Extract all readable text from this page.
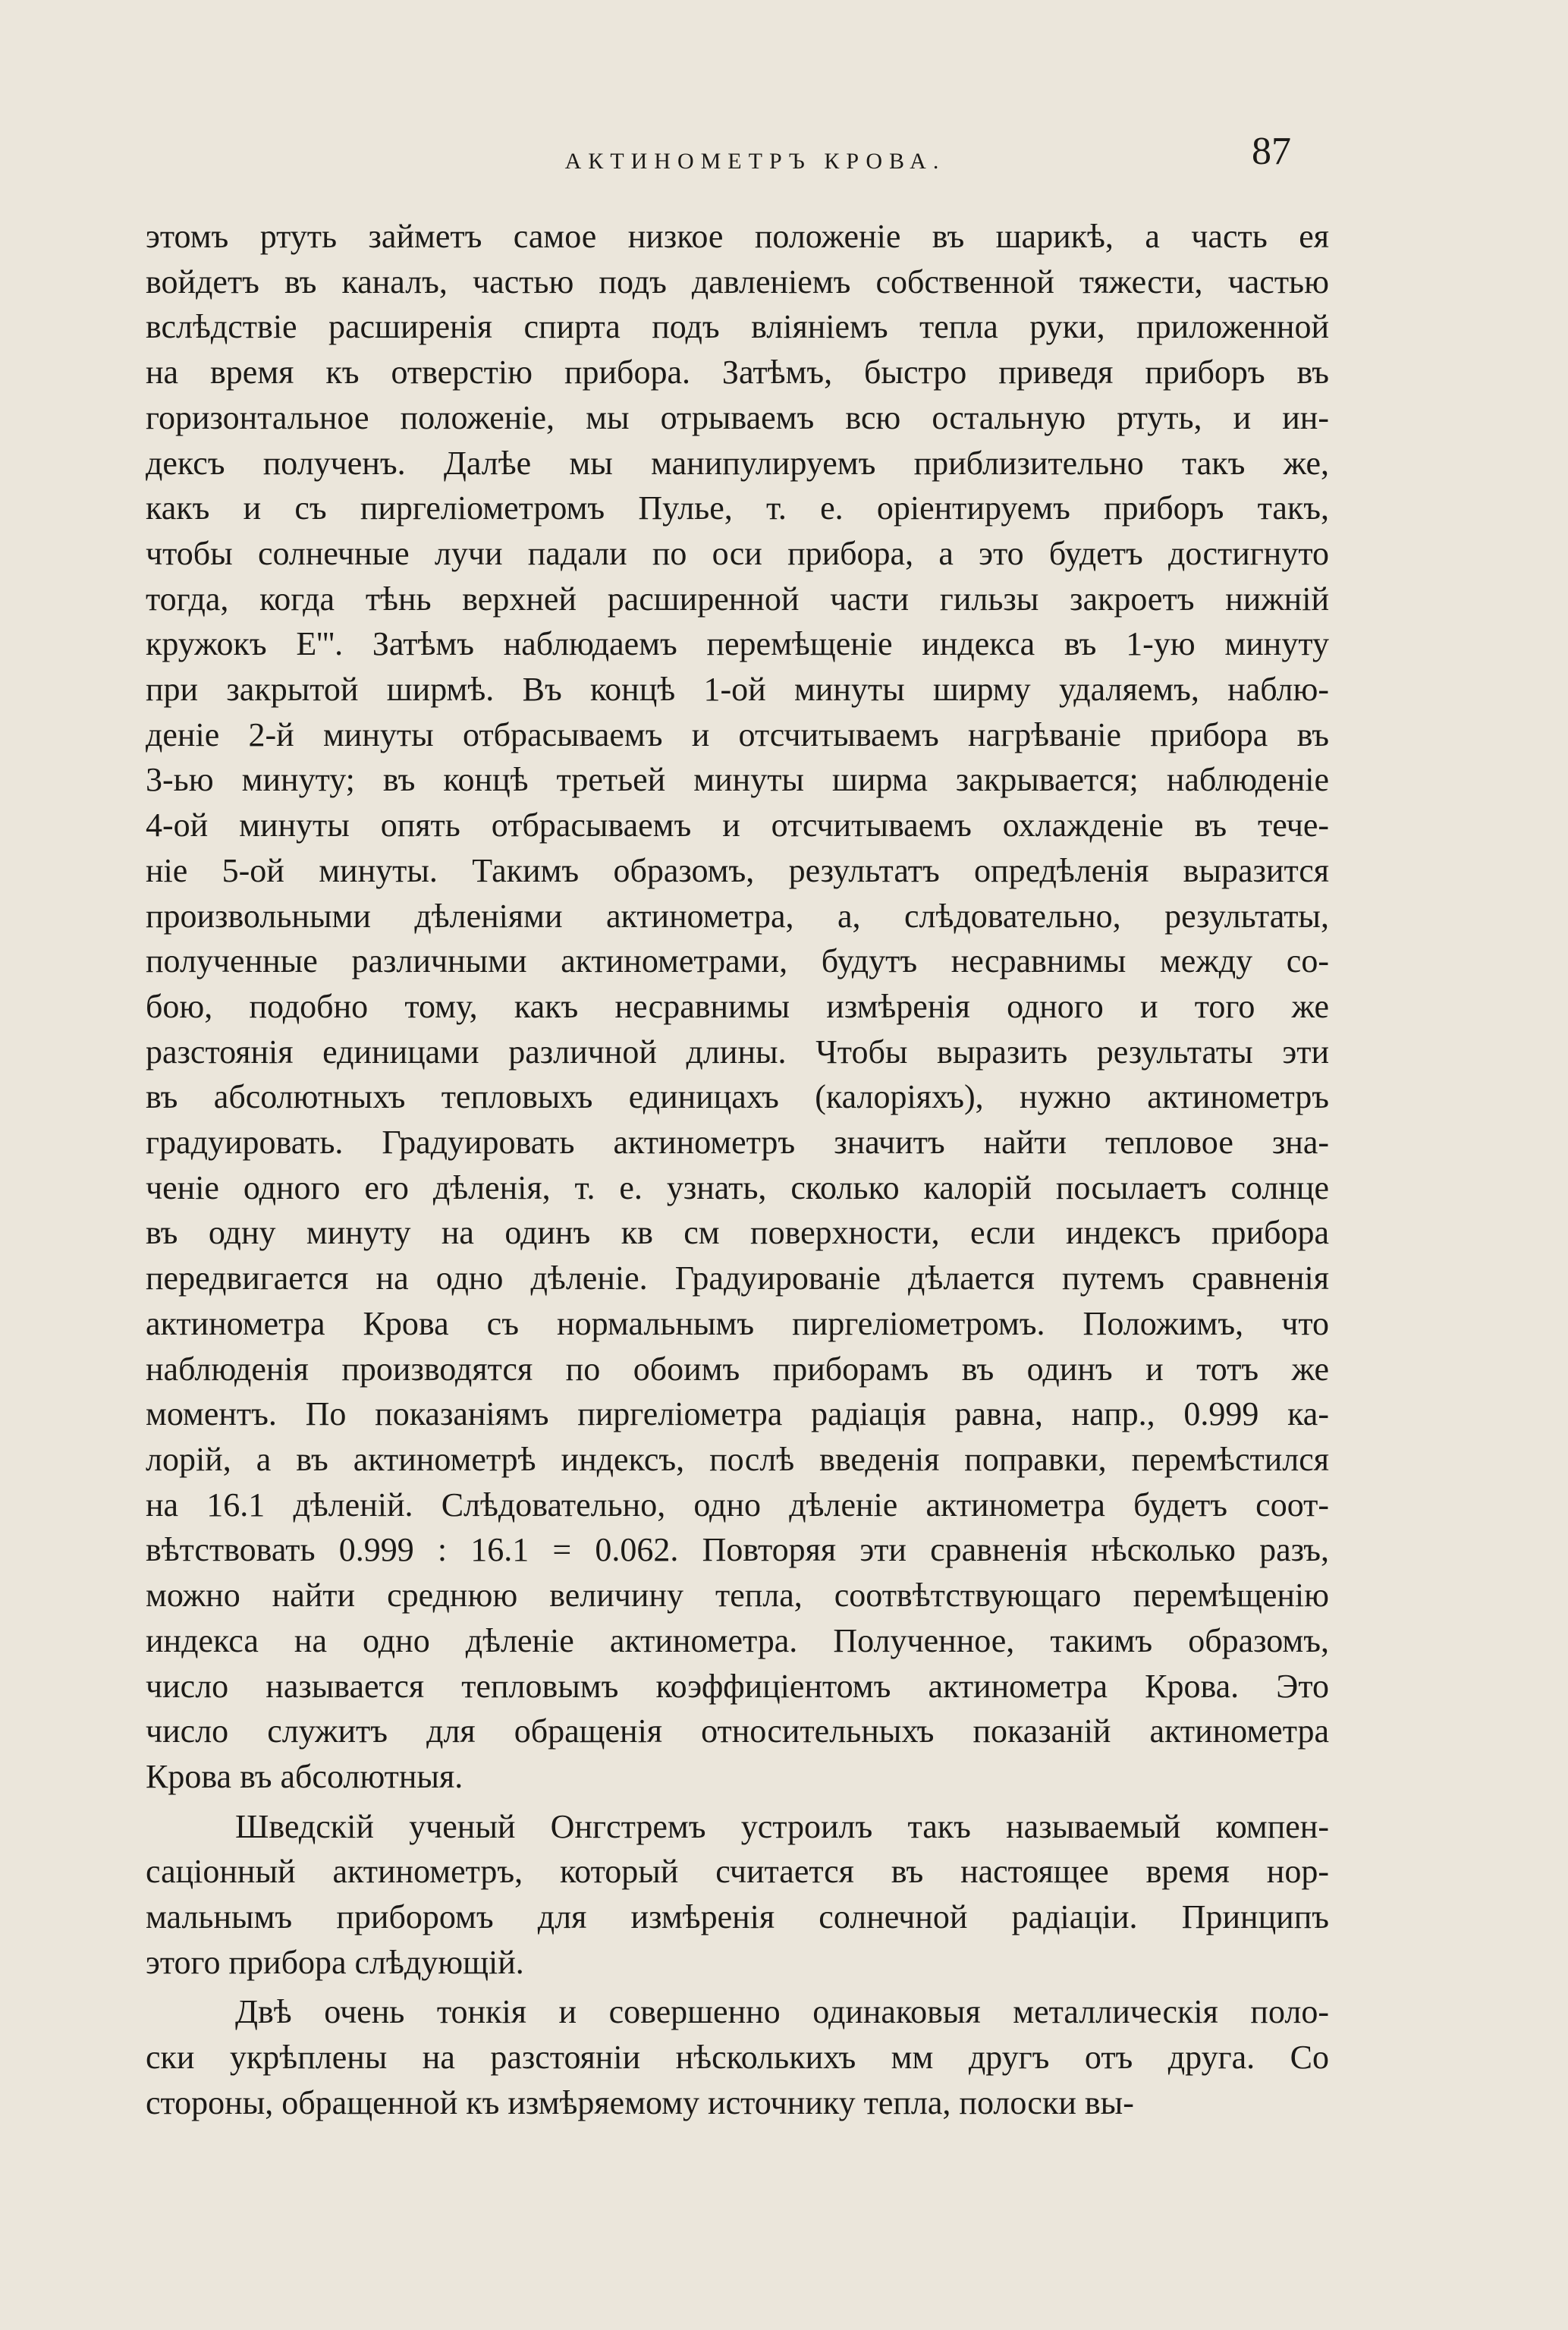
АКТИНОМЕТРЪ КРОВА.	87

этомъ ртуть займетъ самое низкое положеніе въ шарикѣ, а часть ея
войдетъ въ каналъ, частью подъ давленіемъ собственной тяжести, частью
вслѣдствіе расширенія спирта подъ вліяніемъ тепла руки, приложенной
на время къ отверстію прибора. Затѣмъ, быстро приведя приборъ въ
горизонтальное положеніе, мы отрываемъ всю остальную ртуть, и ин-
дексъ полученъ. Далѣе мы манипулируемъ приблизительно такъ же,
какъ и съ пиргеліометромъ Пулье, т. е. оріентируемъ приборъ такъ,
чтобы солнечные лучи падали по оси прибора, а это будетъ достигнуто
тогда, когда тѣнь верхней расширенной части гильзы закроетъ нижній
кружокъ E'''. Затѣмъ наблюдаемъ перемѣщеніе индекса въ 1-ую минуту
при закрытой ширмѣ. Въ концѣ 1-ой минуты ширму удаляемъ, наблю-
деніе 2-й минуты отбрасываемъ и отсчитываемъ нагрѣваніе прибора въ
3-ью минуту; въ концѣ третьей минуты ширма закрывается; наблюденіе
4-ой минуты опять отбрасываемъ и отсчитываемъ охлажденіе въ тече-
ніе 5-ой минуты. Такимъ образомъ, результатъ опредѣленія выразится
произвольными дѣленіями актинометра, а, слѣдовательно, результаты,
полученные различными актинометрами, будутъ несравнимы между со-
бою, подобно тому, какъ несравнимы измѣренія одного и того же
разстоянія единицами различной длины. Чтобы выразить результаты эти
въ абсолютныхъ тепловыхъ единицахъ (калоріяхъ), нужно актинометръ
градуировать. Градуировать актинометръ значитъ найти тепловое зна-
ченіе одного его дѣленія, т. е. узнать, сколько калорій посылаетъ солнце
въ одну минуту на одинъ кв см поверхности, если индексъ прибора
передвигается на одно дѣленіе. Градуированіе дѣлается путемъ сравненія
актинометра Крова съ нормальнымъ пиргеліометромъ. Положимъ, что
наблюденія производятся по обоимъ приборамъ въ одинъ и тотъ же
моментъ. По показаніямъ пиргеліометра радіація равна, напр., 0.999 ка-
лорій, а въ актинометрѣ индексъ, послѣ введенія поправки, перемѣстился
на 16.1 дѣленій. Слѣдовательно, одно дѣленіе актинометра будетъ соот-
вѣтствовать 0.999 : 16.1 = 0.062. Повторяя эти сравненія нѣсколько разъ,
можно найти среднюю величину тепла, соотвѣтствующаго перемѣщенію
индекса на одно дѣленіе актинометра. Полученное, такимъ образомъ,
число называется тепловымъ коэффиціентомъ актинометра Крова. Это
число служитъ для обращенія относительныхъ показаній актинометра
Крова въ абсолютныя.

Шведскій ученый Онгстремъ устроилъ такъ называемый компен-
саціонный актинометръ, который считается въ настоящее время нор-
мальнымъ приборомъ для измѣренія солнечной радіаціи. Принципъ
этого прибора слѣдующій.

Двѣ очень тонкія и совершенно одинаковыя металлическія поло-
ски укрѣплены на разстояніи нѣсколькихъ мм другъ отъ друга. Со
стороны, обращенной къ измѣряемому источнику тепла, полоски вы-
